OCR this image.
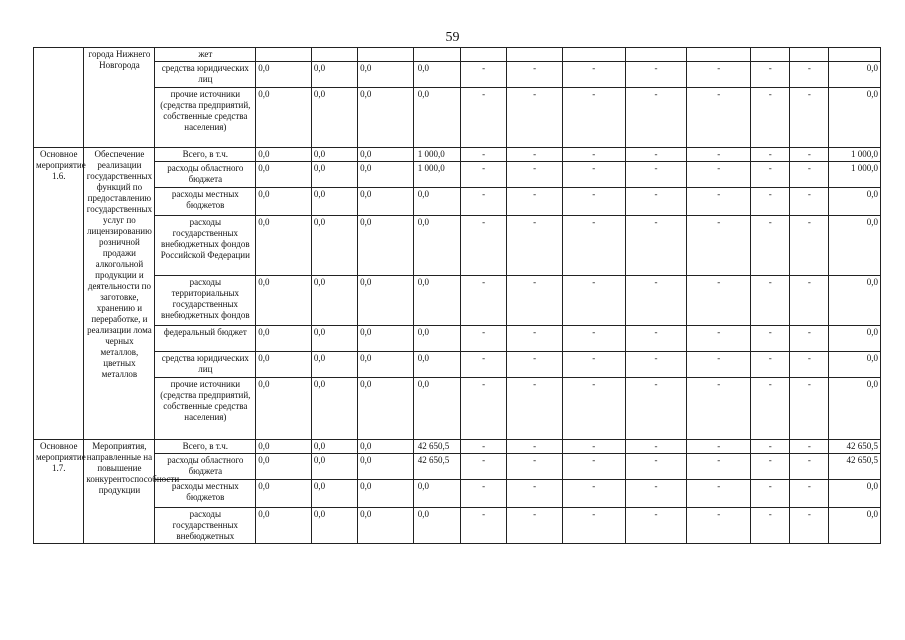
59
	города Нижнего Новгорода	жет												
		средства юридических лиц	0,0	0,0	0,0	0,0	-	-	-	-	-	-	-	0,0
		прочие источники (средства предприятий, собственные средства населения)	0,0	0,0	0,0	0,0	-	-	-	-	-	-	-	0,0
Основное мероприятие 1.6.	Обеспечение реализации государственных функций по предоставлению государственных услуг по лицензированию розничной продажи алкогольной продукции и деятельности по заготовке, хранению и переработке, и реализации лома черных металлов, цветных металлов	Всего, в т.ч.	0,0	0,0	0,0	1 000,0	-	-	-	-	-	-	-	1 000,0
		расходы областного бюджета	0,0	0,0	0,0	1 000,0	-	-	-	-	-	-	-	1 000,0
		расходы местных бюджетов	0,0	0,0	0,0	0,0	-	-	-	-	-	-	-	0,0
		расходы государственных внебюджетных фондов Российской Федерации	0,0	0,0	0,0	0,0	-	-	-	-	-	-	-	0,0
		расходы территориальных государственных внебюджетных фондов	0,0	0,0	0,0	0,0	-	-	-	-	-	-	-	0,0
		федеральный бюджет	0,0	0,0	0,0	0,0	-	-	-	-	-	-	-	0,0
		средства юридических лиц	0,0	0,0	0,0	0,0	-	-	-	-	-	-	-	0,0
		прочие источники (средства предприятий, собственные средства населения)	0,0	0,0	0,0	0,0	-	-	-	-	-	-	-	0,0
Основное мероприятие 1.7.	Мероприятия, направленные на повышение конкурентоспособности продукции	Всего, в т.ч.	0,0	0,0	0,0	42 650,5	-	-	-	-	-	-	-	42 650,5
		расходы областного бюджета	0,0	0,0	0,0	42 650,5	-	-	-	-	-	-	-	42 650,5
		расходы местных бюджетов	0,0	0,0	0,0	0,0	-	-	-	-	-	-	-	0,0
		расходы государственных внебюджетных	0,0	0,0	0,0	0,0	-	-	-	-	-	-	-	0,0
